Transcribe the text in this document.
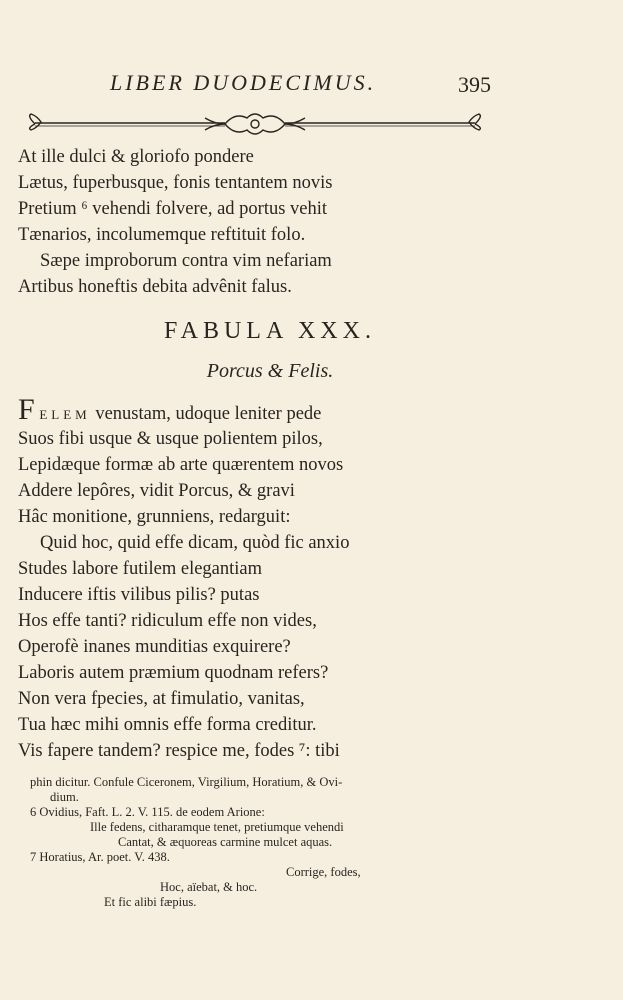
LIBER DUODECIMUS.	395
At ille dulci & gloriofo pondere
Lætus, fuperbusque, fonis tentantem novis
Pretium ⁶ vehendi folvere, ad portus vehit
Tænarios, incolumemque reftituit folo.
Sæpe improborum contra vim nefariam
Artibus honeftis debita advênit falus.
FABULA XXX.
Porcus & Felis.
F ELEM venustam, udoque leniter pede
Suos fibi usque & usque polientem pilos,
Lepidæque formæ ab arte quærentem novos
Addere lepôres, vidit Porcus, & gravi
Hâc monitione, grunniens, redarguit:
Quid hoc, quid effe dicam, quòd fic anxio
Studes labore futilem elegantiam
Inducere iftis vilibus pilis? putas
Hos effe tanti? ridiculum effe non vides,
Operofè inanes munditias exquirere?
Laboris autem præmium quodnam refers?
Non vera fpecies, at fimulatio, vanitas,
Tua hæc mihi omnis effe forma creditur.
Vis fapere tandem? respice me, fodes ⁷: tibi
phin dicitur. Confule Ciceronem, Virgilium, Horatium, & Ovi-
dium.
6 Ovidius, Faft. L. 2. V. 115. de eodem Arione:
Ille fedens, citharamque tenet, pretiumque vehendi
Cantat, & æquoreas carmine mulcet aquas.
7 Horatius, Ar. poet. V. 438.
Corrige, fodes,
Hoc, aïebat, & hoc.
Et fic alibi fæpius.
